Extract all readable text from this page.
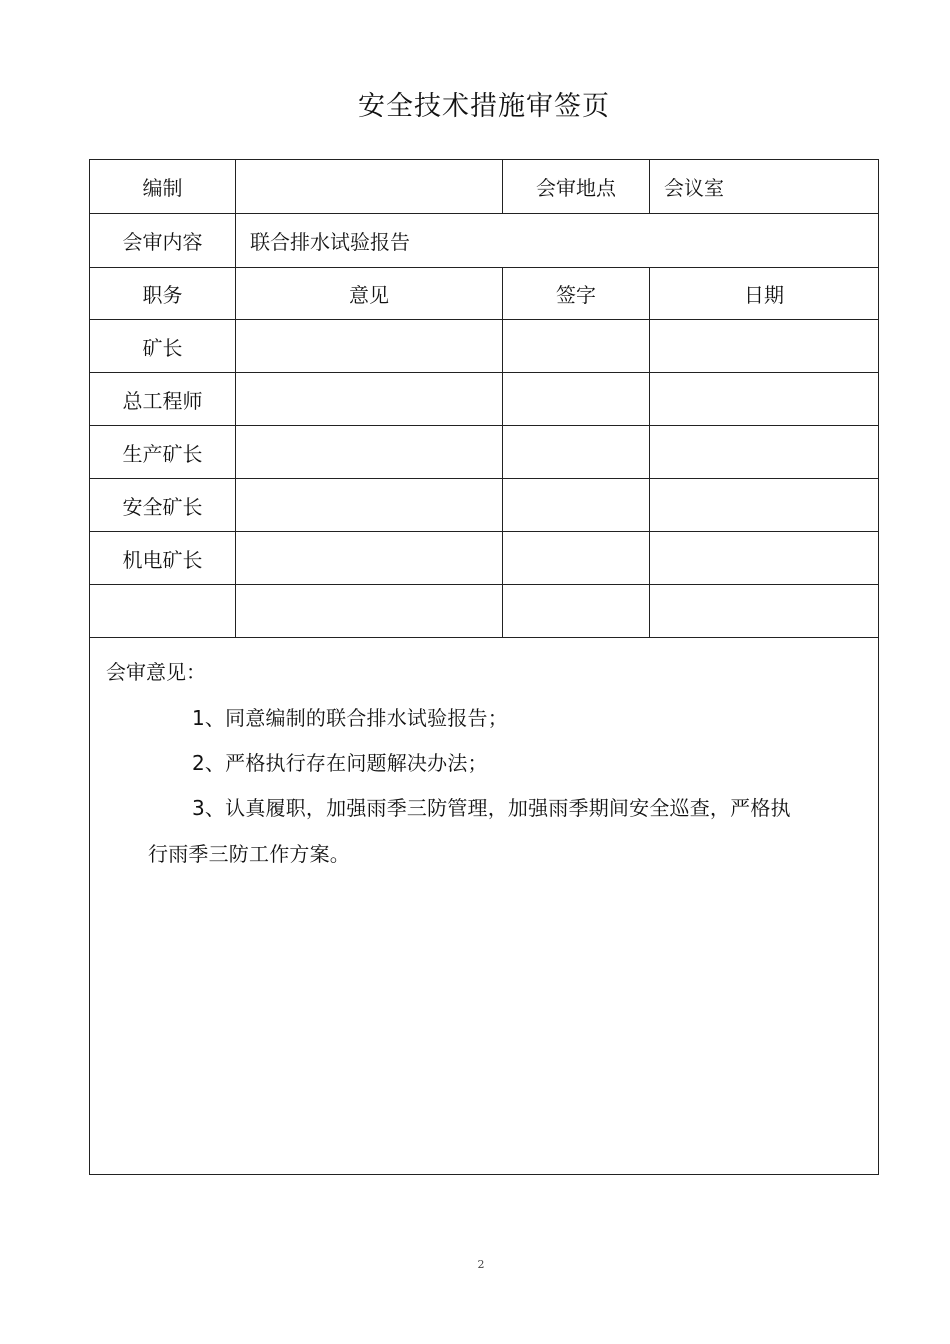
安全技术措施审签页
编制		会审地点	会议室
会审内容	联合排水试验报告		
职务	意见	签字	日期
矿长			
总工程师			
生产矿长			
安全矿长			
机电矿长			

会审意见：
1、同意编制的联合排水试验报告；
2、严格执行存在问题解决办法；
3、认真履职，加强雨季三防管理，加强雨季期间安全巡查，严格执
行雨季三防工作方案。			
2
